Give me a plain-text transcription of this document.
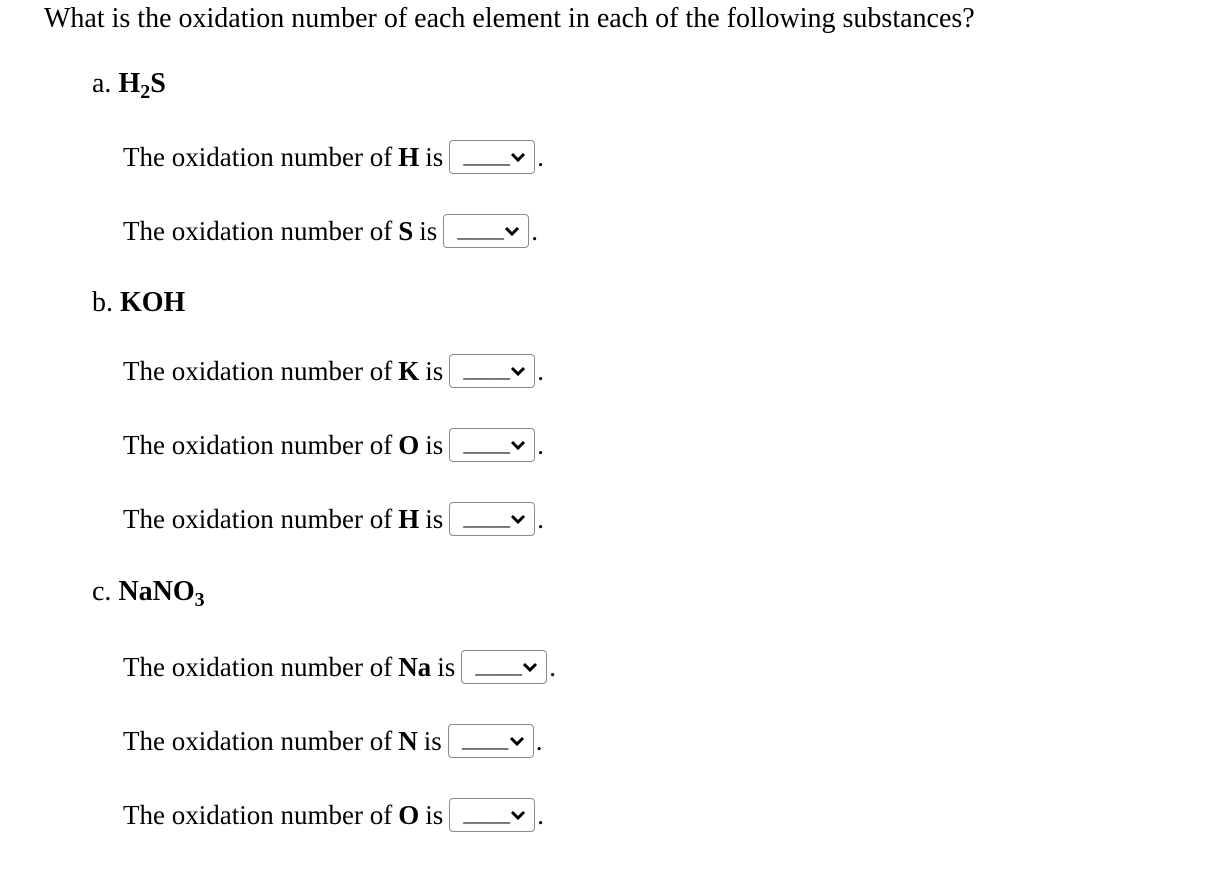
What is the oxidation number of each element in each of the following substances?
a. $H_2S$
The oxidation number of H is ____ .
The oxidation number of S is ____ .
b. KOH
The oxidation number of K is ____ .
The oxidation number of O is ____ .
The oxidation number of H is ____ .
c. NaNO$_3$
The oxidation number of Na is ____ .
The oxidation number of N is ____ .
The oxidation number of O is ____ .
